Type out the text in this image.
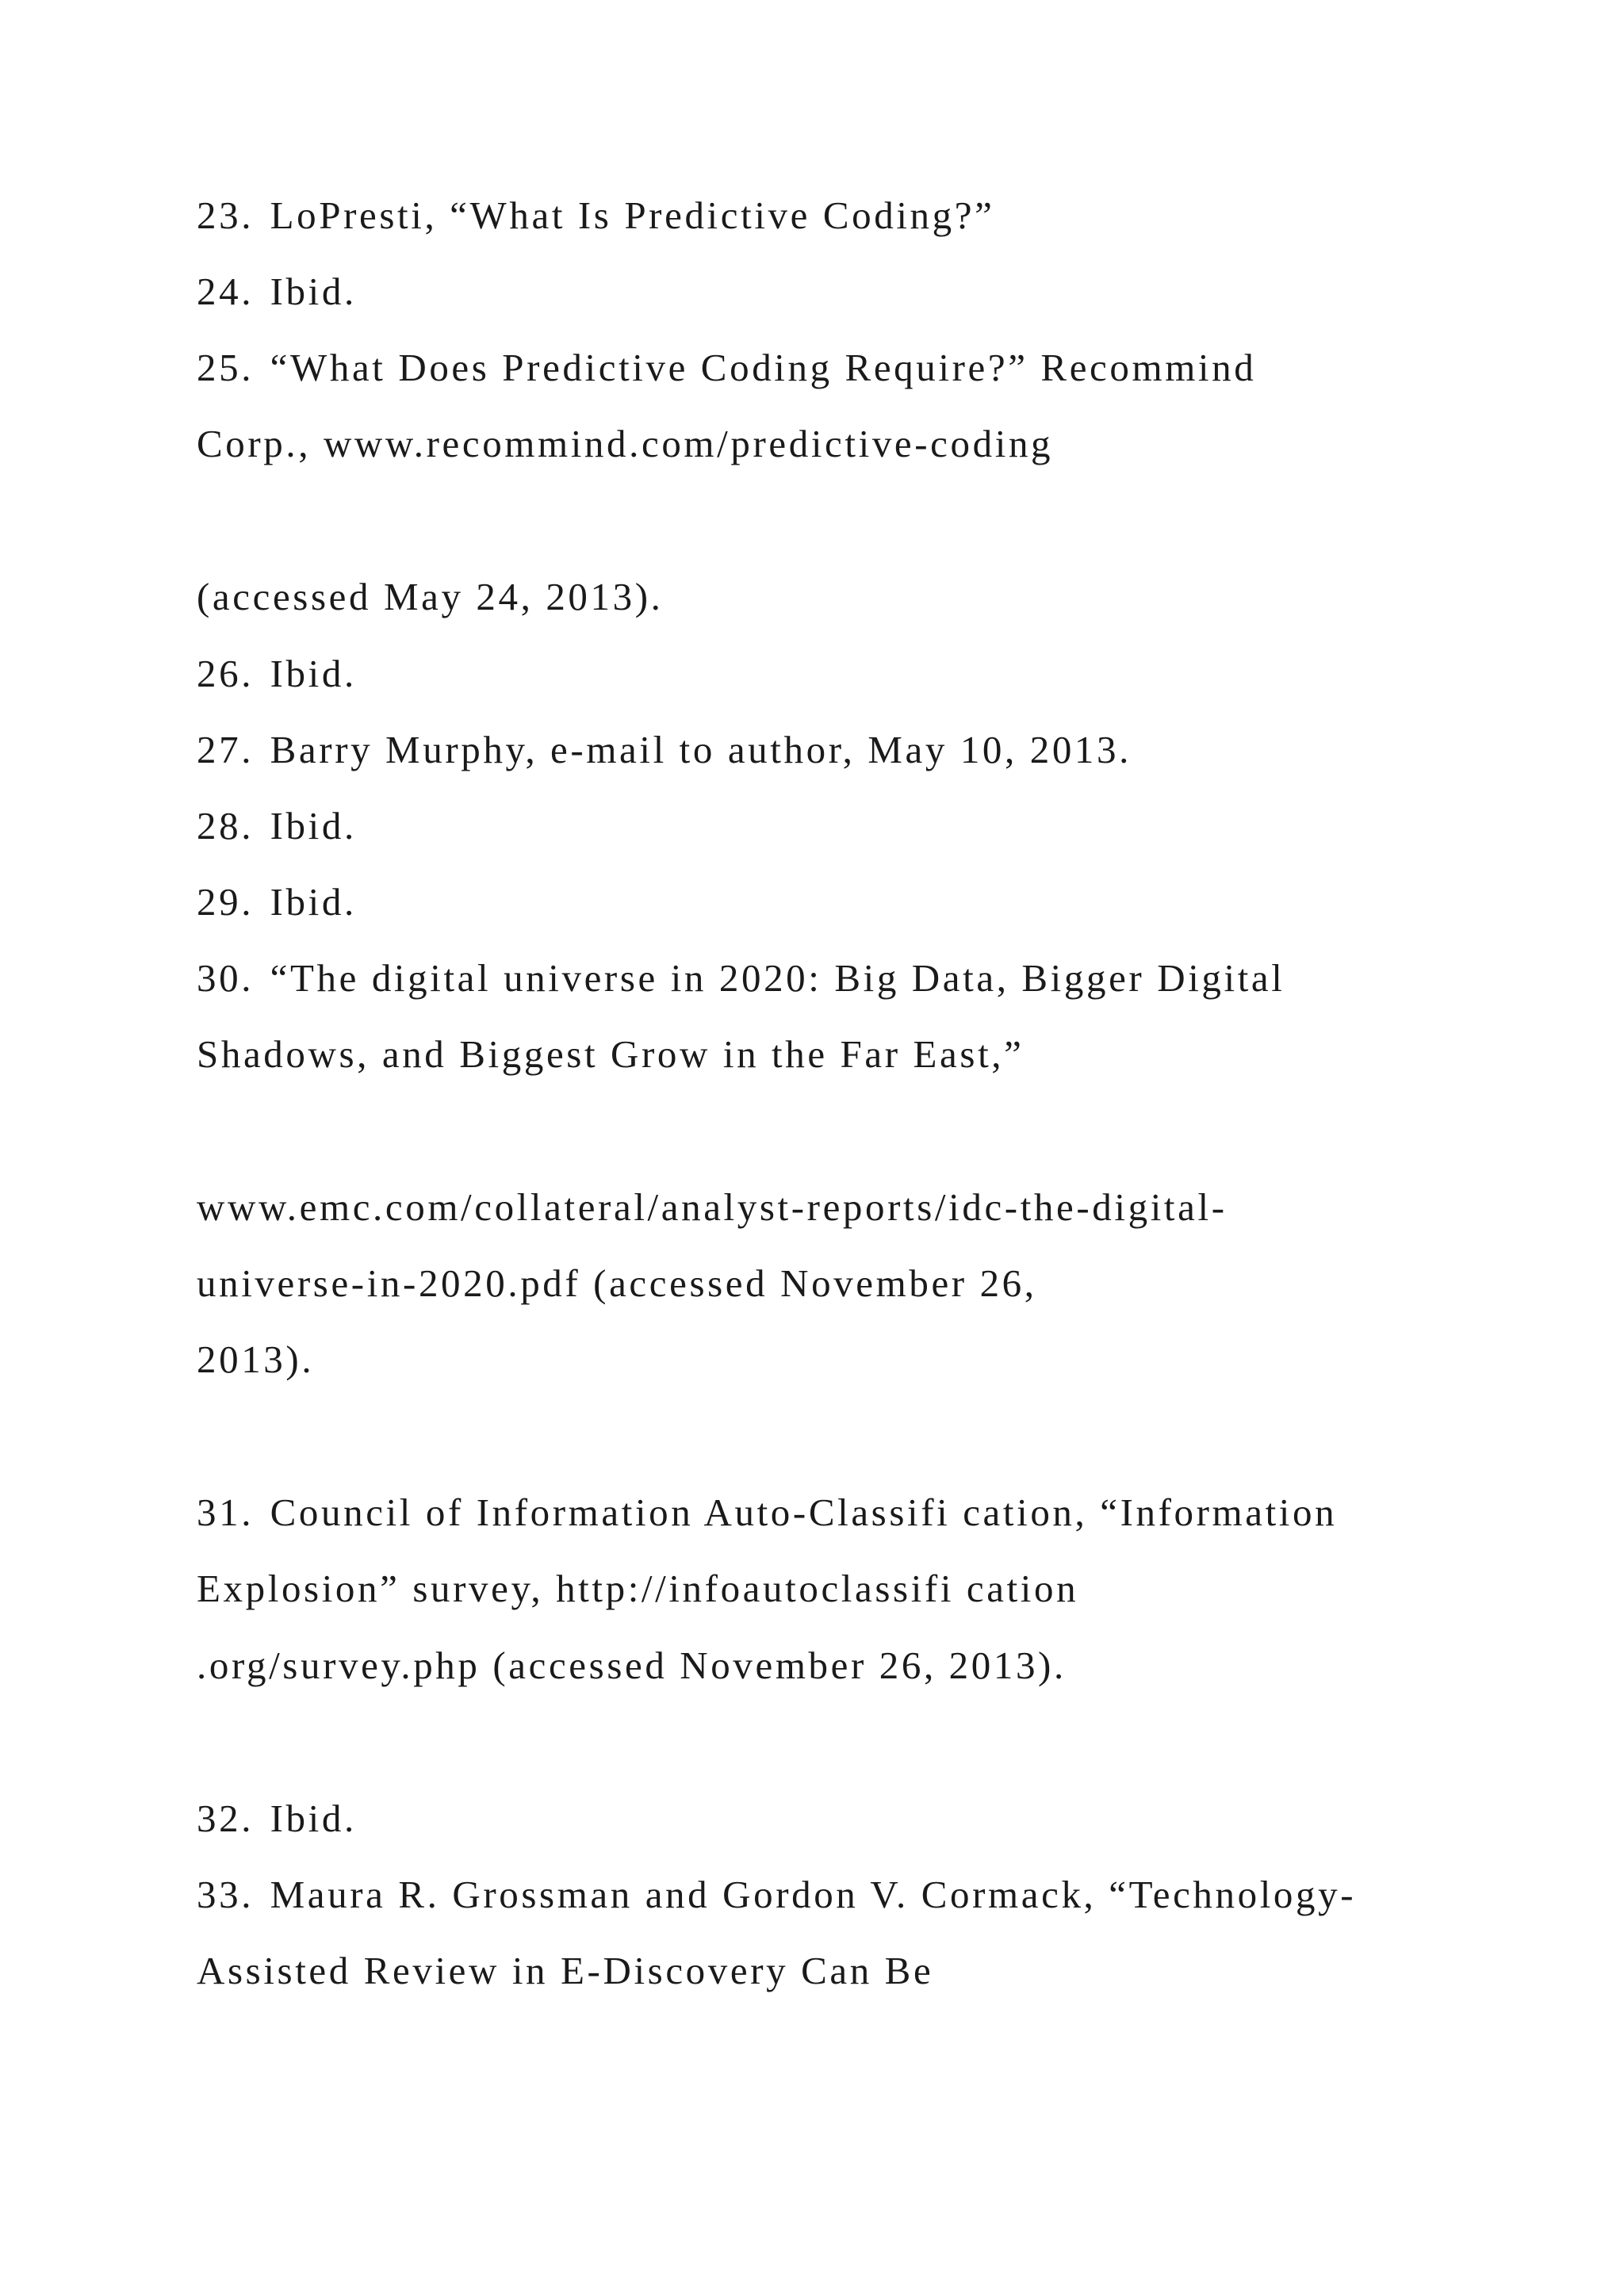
23. LoPresti, “What Is Predictive Coding?”

24. Ibid.

25. “What Does Predictive Coding Require?” Recommind

Corp., www.recommind.com/predictive-coding

(accessed May 24, 2013).

26. Ibid.

27. Barry Murphy, e-mail to author, May 10, 2013.

28. Ibid.

29. Ibid.

30. “The digital universe in 2020: Big Data, Bigger Digital

Shadows, and Biggest Grow in the Far East,”

www.emc.com/collateral/analyst-reports/idc-the-digital-

universe-in-2020.pdf (accessed November 26,

2013).

31. Council of Information Auto-Classifi cation, “Information

Explosion” survey, http://infoautoclassifi cation

.org/survey.php (accessed November 26, 2013).

32. Ibid.

33. Maura R. Grossman and Gordon V. Cormack, “Technology-

Assisted Review in E-Discovery Can Be
